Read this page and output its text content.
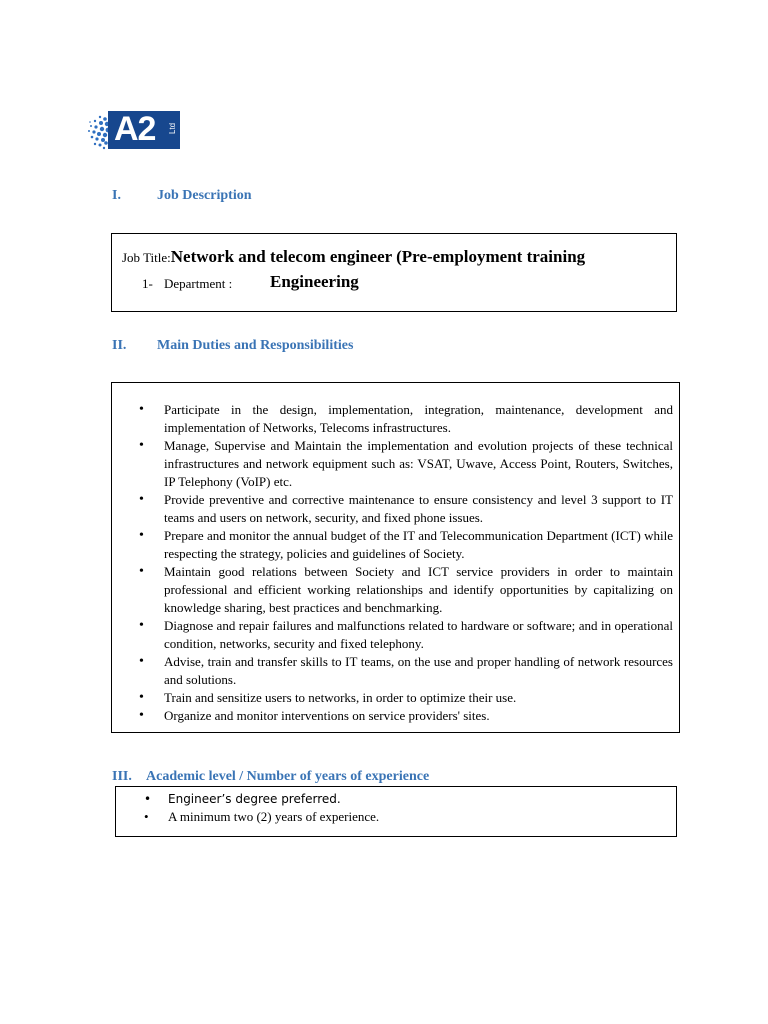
A2 Ltd
I.	Job Description
Job Title:Network and telecom engineer (Pre-employment training
1- Department : Engineering
II. Main Duties and Responsibilities
• Participate in the design, implementation, integration, maintenance, development and implementation of Networks, Telecoms infrastructures.
• Manage, Supervise and Maintain the implementation and evolution projects of these technical infrastructures and network equipment such as: VSAT, Uwave, Access Point, Routers, Switches, IP Telephony (VoIP) etc.
• Provide preventive and corrective maintenance to ensure consistency and level 3 support to IT teams and users on network, security, and fixed phone issues.
• Prepare and monitor the annual budget of the IT and Telecommunication Department (ICT) while respecting the strategy, policies and guidelines of Society.
• Maintain good relations between Society and ICT service providers in order to maintain professional and efficient working relationships and identify opportunities by capitalizing on knowledge sharing, best practices and benchmarking.
• Diagnose and repair failures and malfunctions related to hardware or software; and in operational condition, networks, security and fixed telephony.
• Advise, train and transfer skills to IT teams, on the use and proper handling of network resources and solutions.
• Train and sensitize users to networks, in order to optimize their use.
• Organize and monitor interventions on service providers' sites.
III. Academic level / Number of years of experience
• Engineer’s degree preferred.
• A minimum two (2) years of experience.
